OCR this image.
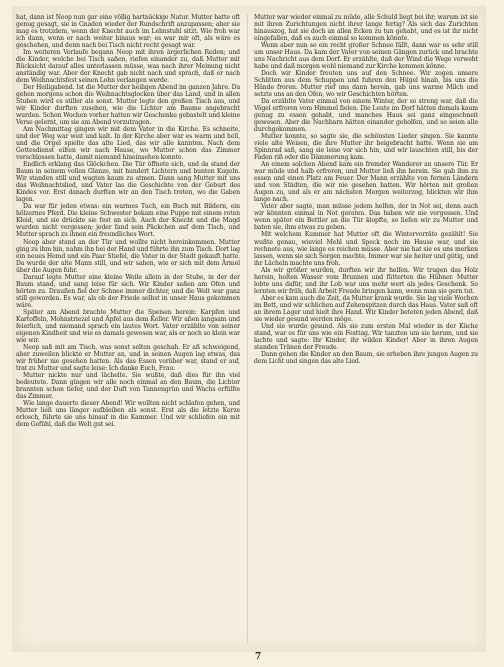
hat, dann ist Neop nun gar eine völlig hartnäckige Natur. Mutter hatte oft genug gesagt, sie in Gnaden wieder der Rundschrift anzupassen; aber sie mag es trotzdem, wenn der Knecht auch im Lehnstuhl sitzt. Wie froh war ich dann, wenn er nach weiter hinaus war; es war mir oft, als wäre es geschehen, und denn nach bei Tisch nicht recht gesagt war.

Im weiteren Verlaufe begann Neop mit ihren ärgerlichen Reden; und die Kinder, welche bei Tisch saßen, riefen einander zu, daß Mutter mit Rücksicht darauf alles unterlassen müsse, was nach ihrer Meinung nicht anständig war. Aber der Knecht gab nicht nach und sprach, daß er nach dem Weihnachtsfest seinen Lohn verlangen werde.

Der Heiligabend. Ist die Mutter der heiligen Abend im ganzen Jahre. Da gehen morgens schon die Weihnachtsglocken über das Land, und in allen Stuben wird es stiller als sonst. Mutter legte den großen Tisch aus, und wir Kinder durften zusehen, wie die Lichter am Baume angebracht wurden. Schon Wochen vorher hatten wir Geschenke gebastelt und kleine Verse gelernt, um sie am Abend vorzutragen.

Am Nachmittag gingen wir mit dem Vater in die Kirche. Es schneite, und der Weg war weit und kalt. In der Kirche aber war es warm und hell, und die Orgel spielte das alte Lied, das wir alle kannten. Nach dem Gottesdienst eilten wir nach Hause, wo Mutter schon das Zimmer verschlossen hatte, damit niemand hineinsehen konnte.

Endlich erklang das Glöckchen. Die Tür öffnete sich, und da stand der Baum in seinem vollen Glanze, mit hundert Lichtern und bunten Kugeln. Wir standen still und wagten kaum zu atmen. Dann sang Mutter mit uns das Weihnachtslied, und Vater las die Geschichte von der Geburt des Kindes vor. Erst danach durften wir an den Tisch treten, wo die Gaben lagen.

Da war für jeden etwas: ein warmes Tuch, ein Buch mit Bildern, ein hölzernes Pferd. Die kleine Schwester bekam eine Puppe mit einem roten Kleid, und sie drückte sie fest an sich. Auch der Knecht und die Magd wurden nicht vergessen; jeder fand sein Päckchen auf dem Tisch, und Mutter sprach zu ihnen ein freundliches Wort.

Neop aber stand an der Tür und wollte nicht hereinkommen. Mutter ging zu ihm hin, nahm ihn bei der Hand und führte ihn zum Tisch. Dort lag ein neues Hemd und ein Paar Stiefel, die Vater in der Stadt gekauft hatte. Da wurde der alte Mann still, und wir sahen, wie er sich mit dem Ärmel über die Augen fuhr.

Darauf legte Mutter eine kleine Weile allein in der Stube, in der der Baum stand, und sang leise für sich. Wir Kinder saßen am Ofen und hörten zu. Draußen fiel der Schnee immer dichter, und die Welt war ganz still geworden. Es war, als ob der Friede selbst in unser Haus gekommen wäre.

Später am Abend brachte Mutter die Speisen herein: Karpfen und Kartoffeln, Mohnstriezel und Äpfel aus dem Keller. Wir aßen langsam und feierlich, und niemand sprach ein lautes Wort. Vater erzählte von seiner eigenen Kindheit und wie es damals gewesen war, als er noch so klein war wie wir.

Neop saß mit am Tisch, was sonst selten geschah. Er aß schweigend, aber zuweilen blickte er Mutter an, und in seinen Augen lag etwas, das wir früher nie gesehen hatten. Als das Essen vorüber war, stand er auf, trat zu Mutter und sagte leise: Ich danke Euch, Frau.

Mutter nickte nur und lächelte. Sie wußte, daß dies für ihn viel bedeutete. Dann gingen wir alle noch einmal an den Baum, die Lichter brannten schon tiefer, und der Duft von Tannengrün und Wachs erfüllte das Zimmer.

Wie lange dauerte dieser Abend! Wir wollten nicht schlafen gehen, und Mutter ließ uns länger aufbleiben als sonst. Erst als die letzte Kerze erlosch, führte sie uns hinauf in die Kammer. Und wir schliefen ein mit dem Gefühl, daß die Welt gut sei.

Mutter war wieder einmal zu müde, alle Schuld liegt bei ihr; warum ist sie mit ihren Zurichtungen nicht ihrer lange fertig? Als sich das Zurichten hinauszog, hat sie doch an allen Ecken zu tun gehabt, und es ist ihr nicht eingefallen, daß es auch einmal so kommen könnte.

Wenn aber nun so ein recht großer Schnee fällt, dann war es sehr still um unser Haus. Da kam der Vater von seinen Gängen zurück und brachte uns Nachricht aus dem Dorf. Er erzählte, daß der Wind die Wege verweht habe und daß morgen wohl niemand zur Kirche kommen könne.

Doch wir Kinder freuten uns auf den Schnee. Wir zogen unsere Schlitten aus dem Schuppen und fuhren den Hügel hinab, bis uns die Hände froren. Mutter rief uns dann herein, gab uns warme Milch und setzte uns an den Ofen, wo wir Geschichten hörten.

Da erzählte Vater einmal von einem Winter, der so streng war, daß die Vögel erfroren vom Himmel fielen. Die Leute im Dorf hätten damals kaum genug zu essen gehabt, und manches Haus sei ganz eingeschneit gewesen. Aber die Nachbarn hätten einander geholfen, und so seien alle durchgekommen.

Mutter konnte, so sagte sie, die schönsten Lieder singen. Sie kannte viele alte Weisen, die ihre Mutter ihr beigebracht hatte. Wenn sie am Spinnrad saß, sang sie leise vor sich hin, und wir lauschten still, bis der Faden riß oder die Dämmerung kam.

An einem solchen Abend kam ein fremder Wanderer an unsere Tür. Er war müde und halb erfroren, und Mutter ließ ihn herein. Sie gab ihm zu essen und einen Platz am Feuer. Der Mann erzählte von fernen Ländern und von Städten, die wir nie gesehen hatten. Wir hörten mit großen Augen zu, und als er am nächsten Morgen weiterzog, blickten wir ihm lange nach.

Vater aber sagte, man müsse jedem helfen, der in Not sei, denn auch wir könnten einmal in Not geraten. Das haben wir nie vergessen. Und wenn später ein Bettler an die Tür klopfte, so liefen wir zu Mutter und baten sie, ihm etwas zu geben.

Mit welchem Kummer hat Mutter oft die Wintervorräte gezählt! Sie wußte genau, wieviel Mehl und Speck noch im Hause war, und sie rechnete aus, wie lange es reichen müsse. Aber nie hat sie es uns merken lassen, wenn sie sich Sorgen machte. Immer war sie heiter und gütig, und ihr Lächeln machte uns froh.

Als wir größer wurden, durften wir ihr helfen. Wir trugen das Holz herein, holten Wasser vom Brunnen und fütterten die Hühner. Mutter lobte uns dafür, und ihr Lob war uns mehr wert als jedes Geschenk. So lernten wir früh, daß Arbeit Freude bringen kann, wenn man sie gern tut.

Aber es kam auch die Zeit, da Mutter krank wurde. Sie lag viele Wochen im Bett, und wir schlichen auf Zehenspitzen durch das Haus. Vater saß oft an ihrem Lager und hielt ihre Hand. Wir Kinder beteten jeden Abend, daß sie wieder gesund werden möge.

Und sie wurde gesund. Als sie zum ersten Mal wieder in der Küche stand, war es für uns wie ein Festtag. Wir tanzten um sie herum, und sie lachte und sagte: Ihr Kinder, ihr wilden Kinder! Aber in ihren Augen standen Tränen der Freude.

Dann gehen die Kinder an den Baum, sie erheben ihre jungen Augen zu dem Licht und singen das alte Lied.

7
